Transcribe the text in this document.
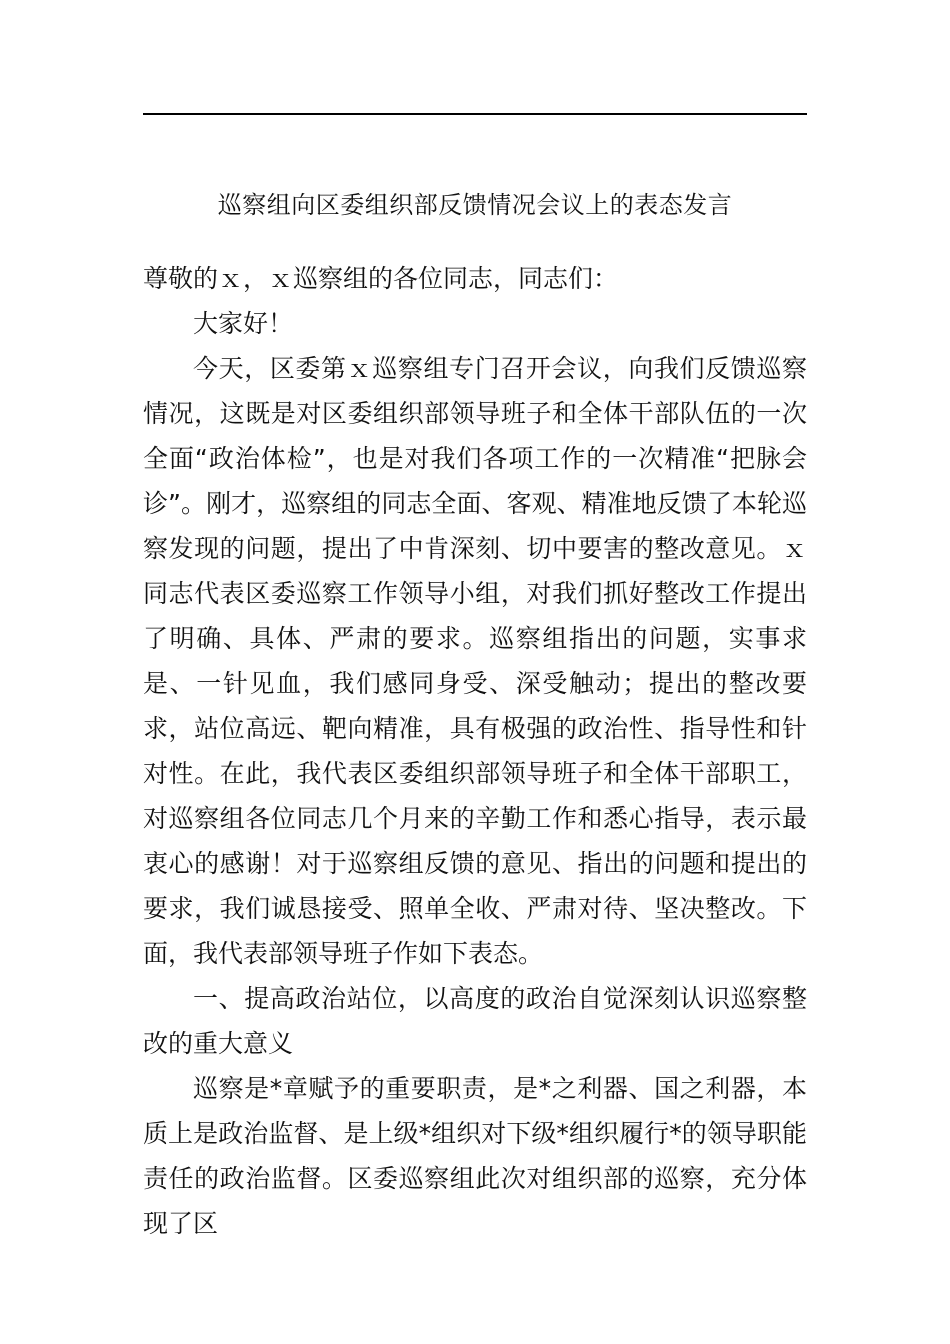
巡察组向区委组织部反馈情况会议上的表态发言

尊敬的ｘ，ｘ巡察组的各位同志，同志们：

大家好！

今天，区委第ｘ巡察组专门召开会议，向我们反馈巡察情况，这既是对区委组织部领导班子和全体干部队伍的一次全面“政治体检”，也是对我们各项工作的一次精准“把脉会诊”。刚才，巡察组的同志全面、客观、精准地反馈了本轮巡察发现的问题，提出了中肯深刻、切中要害的整改意见。ｘ同志代表区委巡察工作领导小组，对我们抓好整改工作提出了明确、具体、严肃的要求。巡察组指出的问题，实事求是、一针见血，我们感同身受、深受触动；提出的整改要求，站位高远、靶向精准，具有极强的政治性、指导性和针对性。在此，我代表区委组织部领导班子和全体干部职工，对巡察组各位同志几个月来的辛勤工作和悉心指导，表示最衷心的感谢！对于巡察组反馈的意见、指出的问题和提出的要求，我们诚恳接受、照单全收、严肃对待、坚决整改。下面，我代表部领导班子作如下表态。

一、提高政治站位，以高度的政治自觉深刻认识巡察整改的重大意义

巡察是*章赋予的重要职责，是*之利器、国之利器，本质上是政治监督、是上级*组织对下级*组织履行*的领导职能责任的政治监督。区委巡察组此次对组织部的巡察，充分体现了区
